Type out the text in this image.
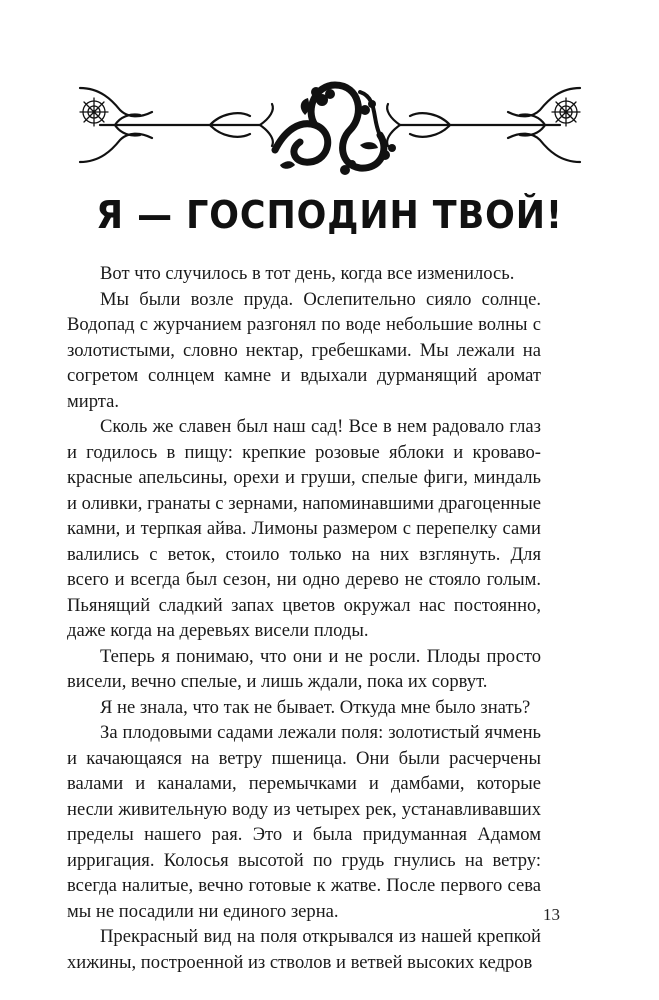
Я — ГОСПОДИН ТВОЙ!

Вот что случилось в тот день, когда все изменилось.

Мы были возле пруда. Ослепительно сияло солнце. Водопад с журчанием разгонял по воде небольшие волны с золотистыми, словно нектар, гребешками. Мы лежали на согретом солнцем камне и вдыхали дурманящий аромат мирта.

Сколь же славен был наш сад! Все в нем радовало глаз и годилось в пищу: крепкие розовые яблоки и кроваво-красные апельсины, орехи и груши, спелые фиги, миндаль и оливки, гранаты с зернами, напоминавшими драгоценные камни, и терпкая айва. Лимоны размером с перепелку сами валились с веток, стоило только на них взглянуть. Для всего и всегда был сезон, ни одно дерево не стояло голым. Пьянящий сладкий запах цветов окружал нас постоянно, даже когда на деревьях висели плоды.

Теперь я понимаю, что они и не росли. Плоды просто висели, вечно спелые, и лишь ждали, пока их сорвут.

Я не знала, что так не бывает. Откуда мне было знать?

За плодовыми садами лежали поля: золотистый ячмень и качающаяся на ветру пшеница. Они были расчерчены валами и каналами, перемычками и дамбами, которые несли живительную воду из четырех рек, устанавливавших пределы нашего рая. Это и была придуманная Адамом ирригация. Колосья высотой по грудь гнулись на ветру: всегда налитые, вечно готовые к жатве. После первого сева мы не посадили ни единого зерна.

Прекрасный вид на поля открывался из нашей крепкой хижины, построенной из стволов и ветвей высоких кедров

13
